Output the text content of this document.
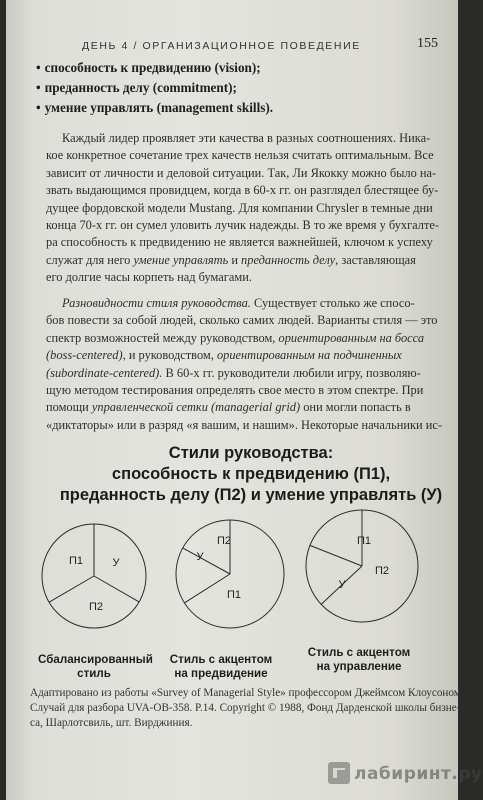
ДЕНЬ 4 / ОРГАНИЗАЦИОННОЕ ПОВЕДЕНИЕ	155
• способность к предвидению (vision);
• преданность делу (commitment);
• умение управлять (management skills).
Каждый лидер проявляет эти качества в разных соотношениях. Ника-
кое конкретное сочетание трех качеств нельзя считать оптимальным. Все
зависит от личности и деловой ситуации. Так, Ли Якокку можно было на-
звать выдающимся провидцем, когда в 60-х гг. он разглядел блестящее бу-
дущее фордовской модели Mustang. Для компании Chrysler в темные дни
конца 70-х гг. он сумел уловить лучик надежды. В то же время у бухгалте-
ра способность к предвидению не является важнейшей, ключом к успеху
служат для него умение управлять и преданность делу, заставляющая
его долгие часы корпеть над бумагами.
Разновидности стиля руководства. Существует столько же спосо-
бов повести за собой людей, сколько самих людей. Варианты стиля — это
спектр возможностей между руководством, ориентированным на босса
(boss-centered), и руководством, ориентированным на подчиненных
(subordinate-centered). В 60-х гг. руководители любили игру, позволяю-
щую методом тестирования определять свое место в этом спектре. При
помощи управленческой сетки (managerial grid) они могли попасть в
«диктаторы» или в разряд «я вашим, и нашим». Некоторые начальники ис-
Стили руководства:
способность к предвидению (П1),
преданность делу (П2) и умение управлять (У)
П1	У
П2
П1
У
П2
У
П1
П2
Сбалансированный
стиль
Стиль с акцентом
на предвидение
Стиль с акцентом
на управление
Адаптировано из работы «Survey of Managerial Style» профессором Джеймсом Клоусоном.
Случай для разбора UVA-OB-358. P.14. Copyright © 1988, Фонд Дарденской школы бизне-
са, Шарлотсвиль, шт. Вирджиния.
лабиринт.ру
